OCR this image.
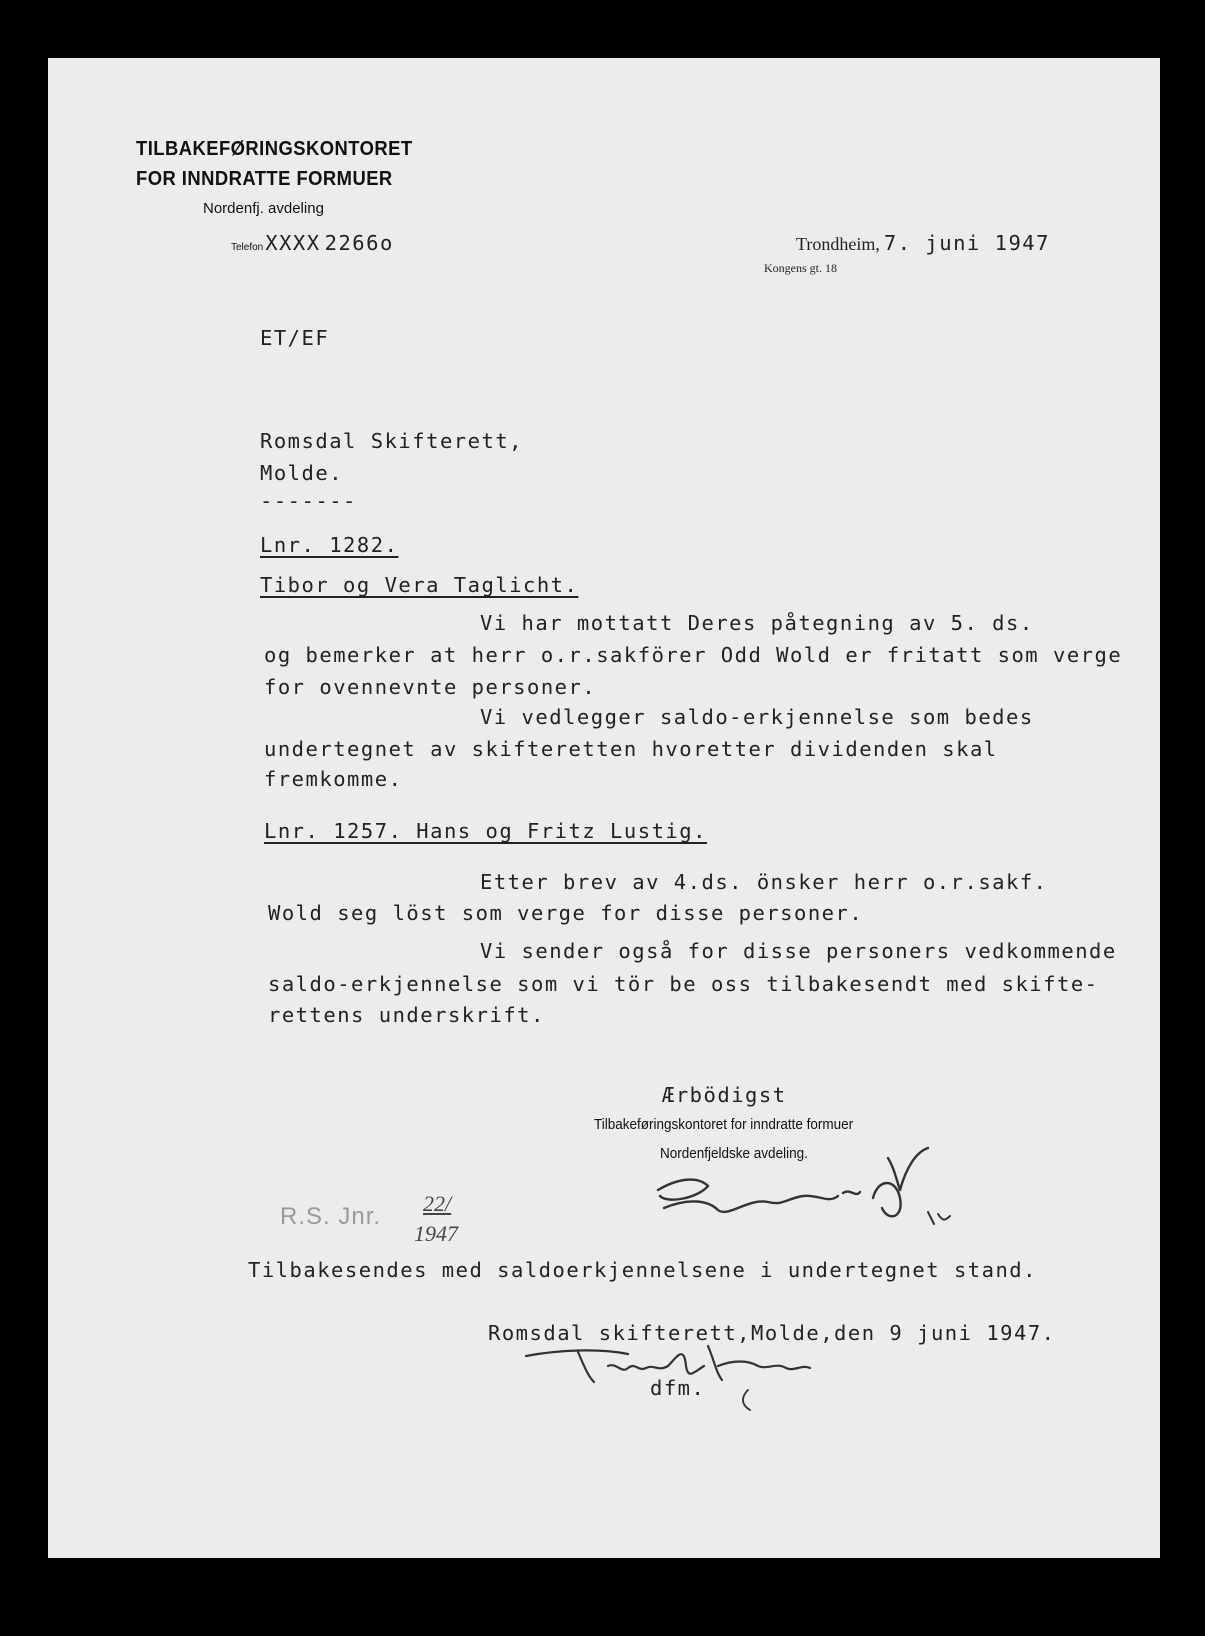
TILBAKEFØRINGSKONTORET
FOR INNDRATTE FORMUER
Nordenfj. avdeling
TelefonXXXX 2266o	Trondheim, 7. juni 1947
Kongens gt. 18
ET/EF
Romsdal Skifterett,
Molde.
-------
Lnr. 1282.
Tibor og Vera Taglicht.
Vi har mottatt Deres påtegning av 5. ds.
og bemerker at herr o.r.sakförer Odd Wold er fritatt som verge
for ovennevnte personer.
Vi vedlegger saldo-erkjennelse som bedes
undertegnet av skifteretten hvoretter dividenden skal
fremkomme.
Lnr. 1257. Hans og Fritz Lustig.
Etter brev av 4.ds. önsker herr o.r.sakf.
Wold seg löst som verge for disse personer.
Vi sender også for disse personers vedkommende
saldo-erkjennelse som vi tör be oss tilbakesendt med skifte-
rettens underskrift.
Ærbödigst
Tilbakeføringskontoret for inndratte formuer
Nordenfjeldske avdeling.
R.S. Jnr. 22/
1947
Tilbakesendes med saldoerkjennelsene i undertegnet stand.
Romsdal skifterett,Molde,den 9 juni 1947.
dfm.
